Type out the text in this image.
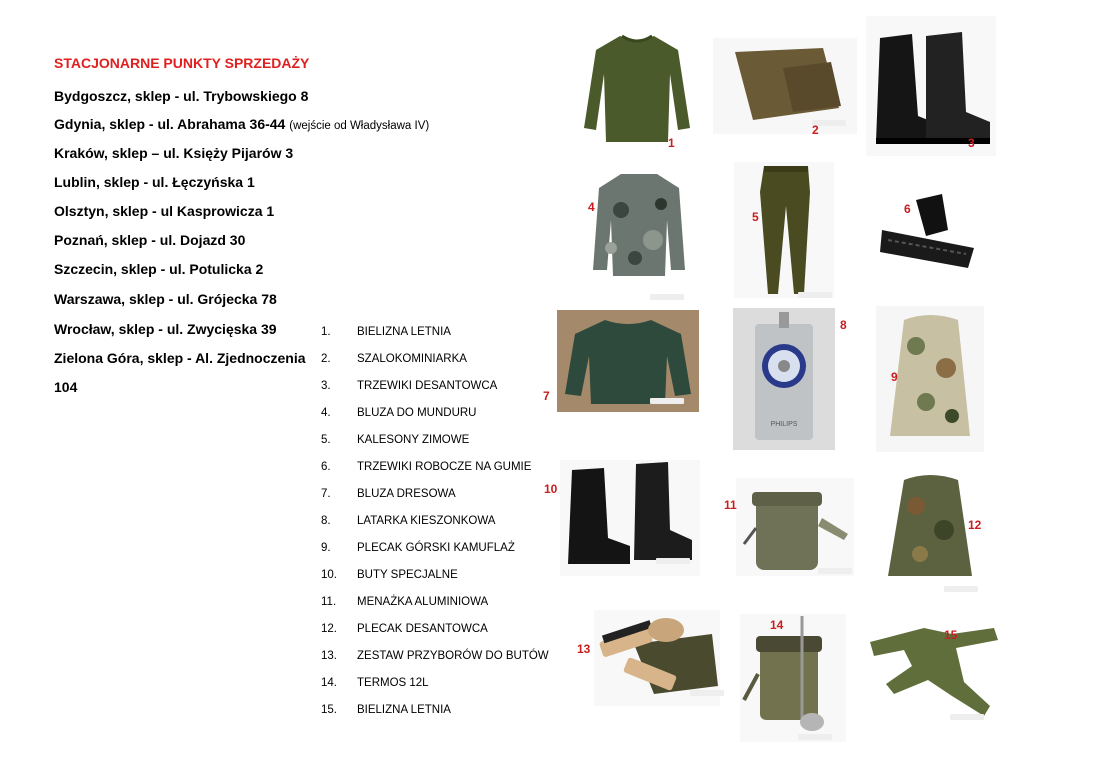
STACJONARNE PUNKTY SPRZEDAŻY
Bydgoszcz, sklep - ul. Trybowskiego 8
Gdynia, sklep - ul. Abrahama 36-44 (wejście od Władysława IV)
Kraków, sklep – ul. Księży Pijarów 3
Lublin, sklep - ul. Łęczyńska 1
Olsztyn, sklep - ul Kasprowicza 1
Poznań, sklep - ul. Dojazd 30
Szczecin, sklep - ul. Potulicka 2
Warszawa, sklep - ul. Grójecka 78
Wrocław, sklep - ul. Zwycięska 39
Zielona Góra, sklep - Al. Zjednoczenia
104
1. BIELIZNA LETNIA
2. SZALOKOMINIARKA
3. TRZEWIKI DESANTOWCA
4. BLUZA DO MUNDURU
5. KALESONY ZIMOWE
6. TRZEWIKI ROBOCZE NA GUMIE
7. BLUZA DRESOWA
8. LATARKA KIESZONKOWA
9. PLECAK GÓRSKI KAMUFLAŻ
10. BUTY SPECJALNE
11. MENAŻKA ALUMINIOWA
12. PLECAK DESANTOWCA
13. ZESTAW PRZYBORÓW DO BUTÓW
14. TERMOS 12L
15. BIELIZNA LETNIA
1
2
3
4
5
6
7
PHILIPS
8
9
10
11
12
13
14
15
